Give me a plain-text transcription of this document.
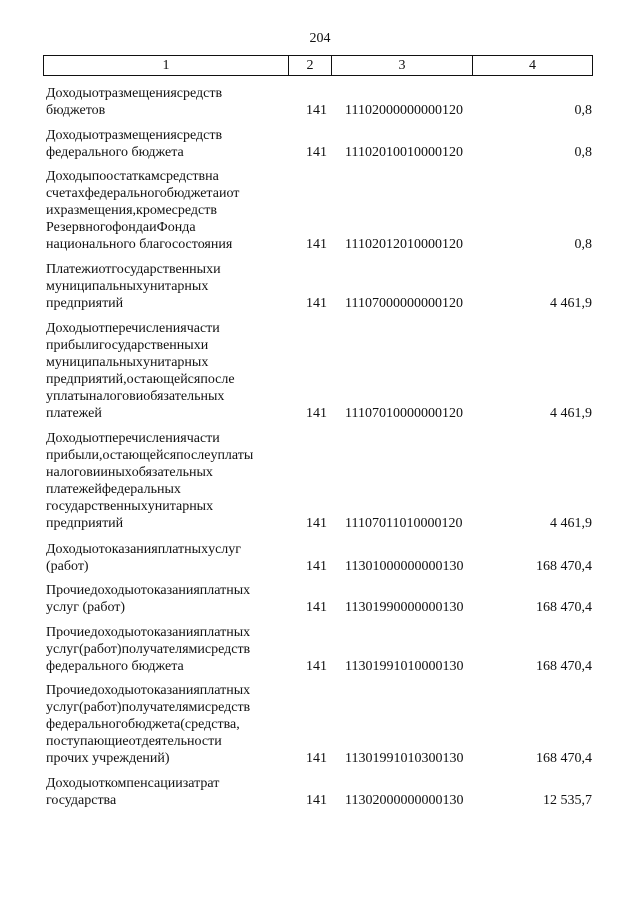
204
1	2	3	4
Доходы от размещения средств
бюджетов	141 11102000000000120	0,8
Доходы от размещения средств
федерального бюджета	141 11102010010000120	0,8
Доходы по остаткам средств на
счетах федерального бюджета и от
их размещения, кроме средств
Резервного фонда и Фонда
национального благосостояния	141 11102012010000120	0,8
Платежи от государственных и
муниципальных унитарных
предприятий	141 11107000000000120	4 461,9
Доходы от перечисления части
прибыли государственных и
муниципальных унитарных
предприятий, остающейся после
уплаты налогов и обязательных
платежей	141 11107010000000120	4 461,9
Доходы от перечисления части
прибыли, остающейся после уплаты
налогов и иных обязательных
платежей федеральных
государственных унитарных
предприятий	141 11107011010000120	4 461,9
Доходы от оказания платных услуг
(работ)	141 11301000000000130	168 470,4
Прочие доходы от оказания платных
услуг (работ)	141 11301990000000130	168 470,4
Прочие доходы от оказания платных
услуг (работ) получателями средств
федерального бюджета	141 11301991010000130	168 470,4
Прочие доходы от оказания платных
услуг (работ) получателями средств
федерального бюджета (средства,
поступающие от деятельности
прочих учреждений)	141 11301991010300130	168 470,4
Доходы от компенсации затрат
государства	141 11302000000000130	12 535,7
